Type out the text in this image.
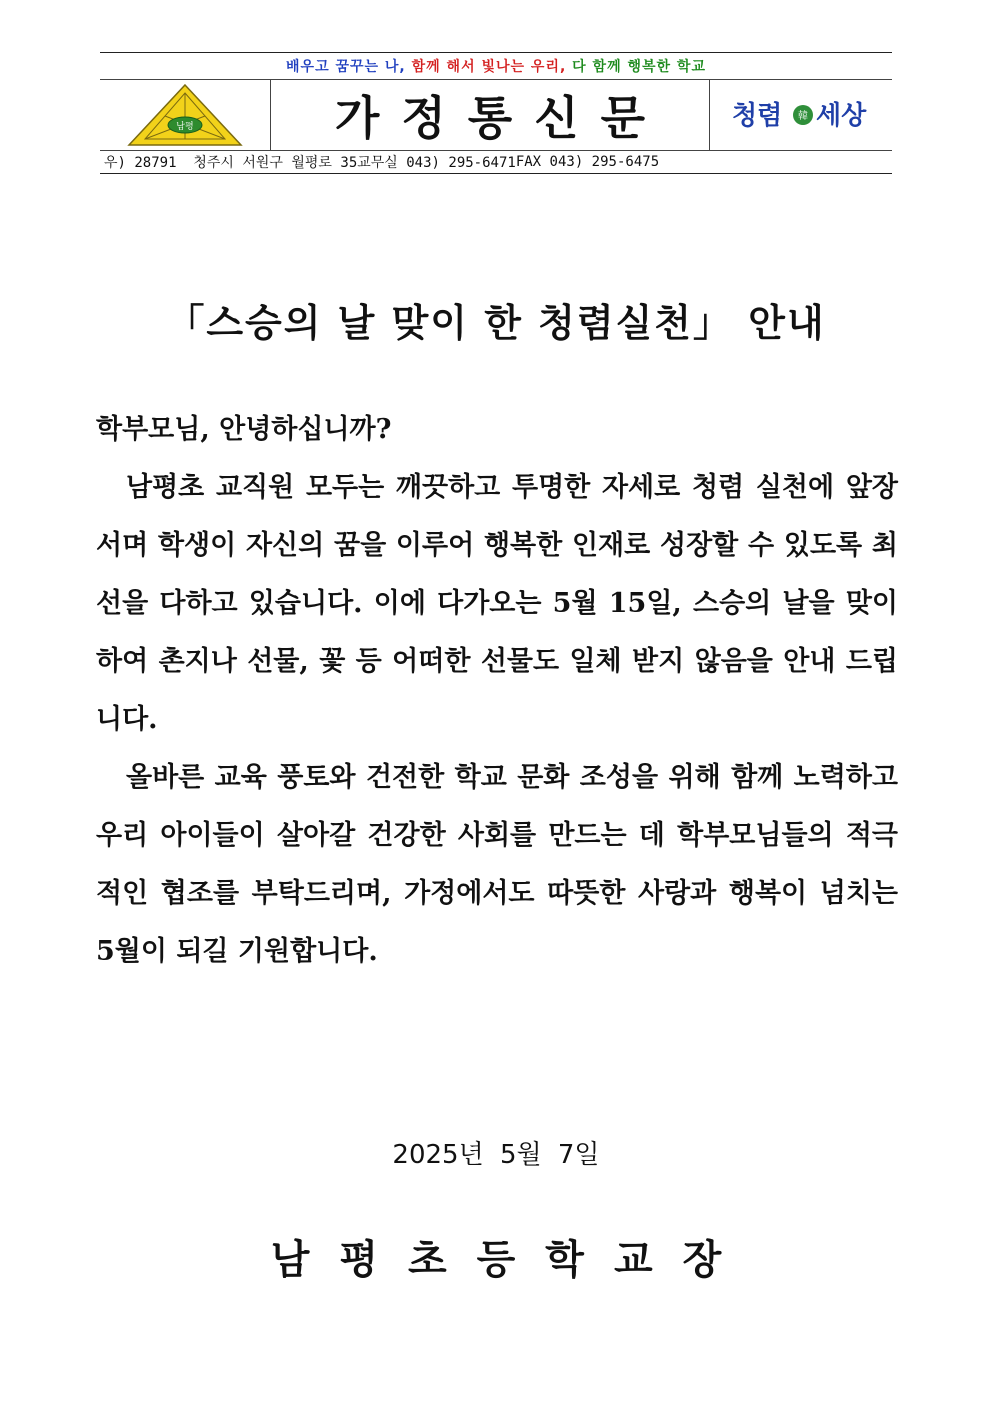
배우고 꿈꾸는 나,
함께 해서 빛나는 우리,
다 함께 행복한 학교
남평	가정통신문	청렴 韓 세상
우) 28791  청주시 서원구 월평로 35 교무실 043) 295-6471 FAX 043) 295-6475
「스승의 날 맞이 한 청렴실천」 안내
학부모님, 안녕하십니까?
남평초 교직원 모두는 깨끗하고 투명한 자세로 청렴 실천에 앞장서며 학생이 자신의 꿈을 이루어 행복한 인재로 성장할 수 있도록 최선을 다하고 있습니다. 이에 다가오는 5월 15일, 스승의 날을 맞이하여 촌지나 선물, 꽃 등 어떠한 선물도 일체 받지 않음을 안내 드립니다.
올바른 교육 풍토와 건전한 학교 문화 조성을 위해 함께 노력하고 우리 아이들이 살아갈 건강한 사회를 만드는 데 학부모님들의 적극적인 협조를 부탁드리며, 가정에서도 따뜻한 사랑과 행복이 넘치는 5월이 되길 기원합니다.
2025년 5월 7일
남평초등학교장
